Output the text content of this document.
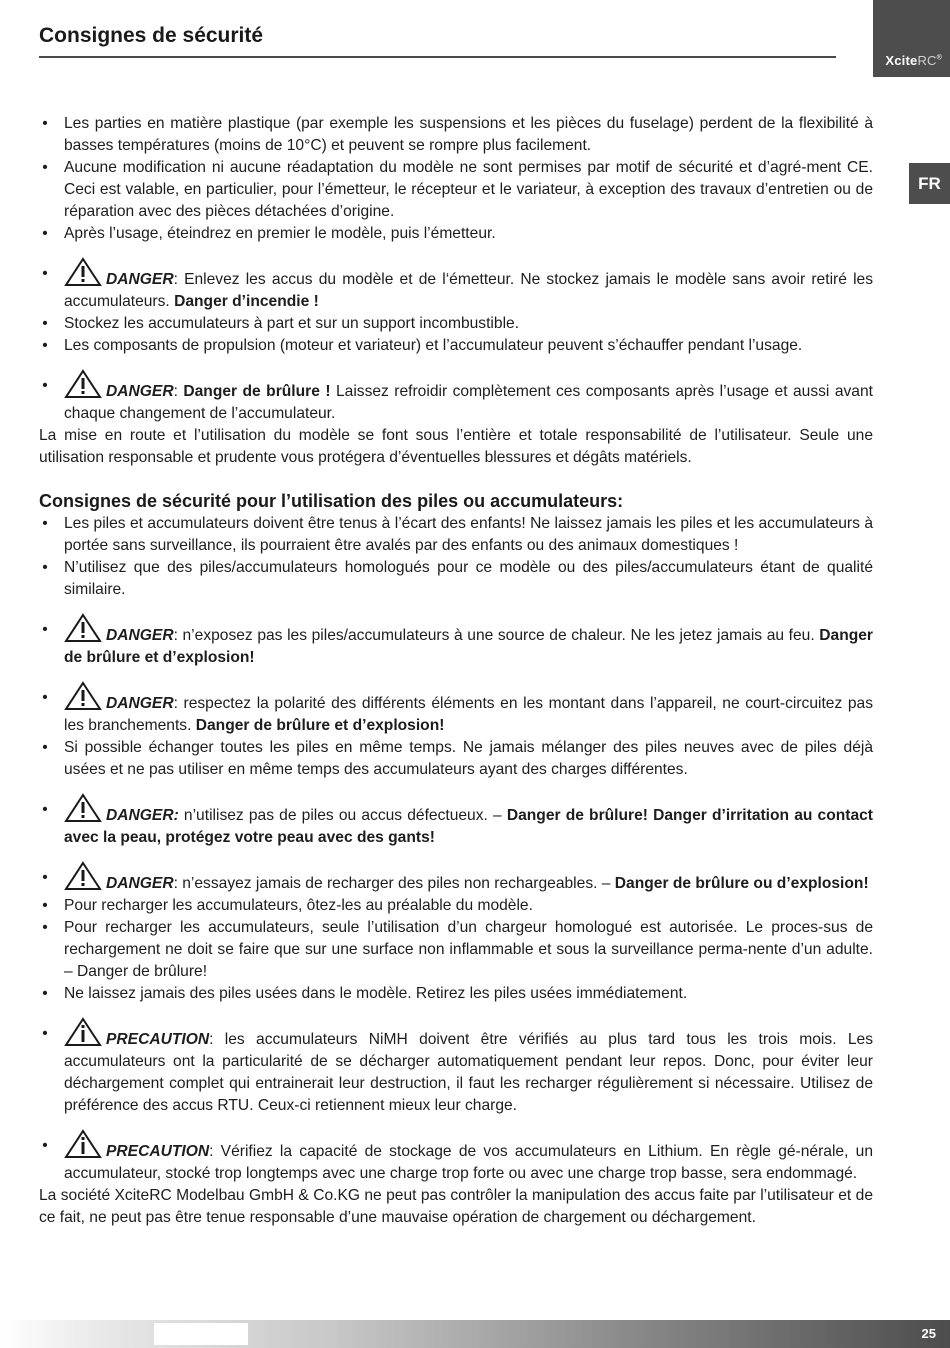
Consignes de sécurité
XciteRC®
FR
• Les parties en matière plastique (par exemple les suspensions et les pièces du fuselage) perdent de la flexibilité à basses températures (moins de 10°C) et peuvent se rompre plus facilement.
• Aucune modification ni aucune réadaptation du modèle ne sont permises par motif de sécurité et d’agré-ment CE. Ceci est valable, en particulier, pour l’émetteur, le récepteur et le variateur, à exception des travaux d’entretien ou de réparation avec des pièces détachées d’origine.
• Après l’usage, éteindrez en premier le modèle, puis l’émetteur.
•	DANGER: Enlevez les accus du modèle et de l‘émetteur. Ne stockez jamais le modèle sans avoir retiré les accumulateurs. Danger d’incendie !
• Stockez les accumulateurs à part et sur un support incombustible.
• Les composants de propulsion (moteur et variateur) et l’accumulateur peuvent s’échauffer pendant l’usage.
•	DANGER: Danger de brûlure ! Laissez refroidir complètement ces composants après l’usage et aussi avant chaque changement de l’accumulateur.

La mise en route et l’utilisation du modèle se font sous l’entière et totale responsabilité de l’utilisateur. Seule une utilisation responsable et prudente vous protégera d’éventuelles blessures et dégâts matériels.

Consignes de sécurité pour l’utilisation des piles ou accumulateurs:
• Les piles et accumulateurs doivent être tenus à l’écart des enfants! Ne laissez jamais les piles et les accumulateurs à portée sans surveillance, ils pourraient être avalés par des enfants ou des animaux domestiques !
• N’utilisez que des piles/accumulateurs homologués pour ce modèle ou des piles/accumulateurs étant de qualité similaire.
•	DANGER: n’exposez pas les piles/accumulateurs à une source de chaleur. Ne les jetez jamais au feu. Danger de brûlure et d’explosion!
•	DANGER: respectez la polarité des différents éléments en les montant dans l’appareil, ne court-circuitez pas les branchements. Danger de brûlure et d’explosion!
• Si possible échanger toutes les piles en même temps. Ne jamais mélanger des piles neuves avec de piles déjà usées et ne pas utiliser en même temps des accumulateurs ayant des charges différentes.
•	DANGER: n’utilisez pas de piles ou accus défectueux. – Danger de brûlure! Danger d’irritation au contact avec la peau, protégez votre peau avec des gants!
•	DANGER: n’essayez jamais de recharger des piles non rechargeables. – Danger de brûlure ou d’explosion!
• Pour recharger les accumulateurs, ôtez-les au préalable du modèle.
• Pour recharger les accumulateurs, seule l’utilisation d’un chargeur homologué est autorisée. Le proces-sus de rechargement ne doit se faire que sur une surface non inflammable et sous la surveillance perma-nente d’un adulte. – Danger de brûlure!
• Ne laissez jamais des piles usées dans le modèle. Retirez les piles usées immédiatement.
•	PRECAUTION: les accumulateurs NiMH doivent être vérifiés au plus tard tous les trois mois. Les accumulateurs ont la particularité de se décharger automatiquement pendant leur repos. Donc, pour éviter leur déchargement complet qui entrainerait leur destruction, il faut les recharger régulièrement si nécessaire. Utilisez de préférence des accus RTU. Ceux-ci retiennent mieux leur charge.
•	PRECAUTION: Vérifiez la capacité de stockage de vos accumulateurs en Lithium. En règle gé-nérale, un accumulateur, stocké trop longtemps avec une charge trop forte ou avec une charge trop basse, sera endommagé.

La société XciteRC Modelbau GmbH & Co.KG ne peut pas contrôler la manipulation des accus faite par l’utilisateur et de ce fait, ne peut pas être tenue responsable d’une mauvaise opération de chargement ou déchargement.

25
